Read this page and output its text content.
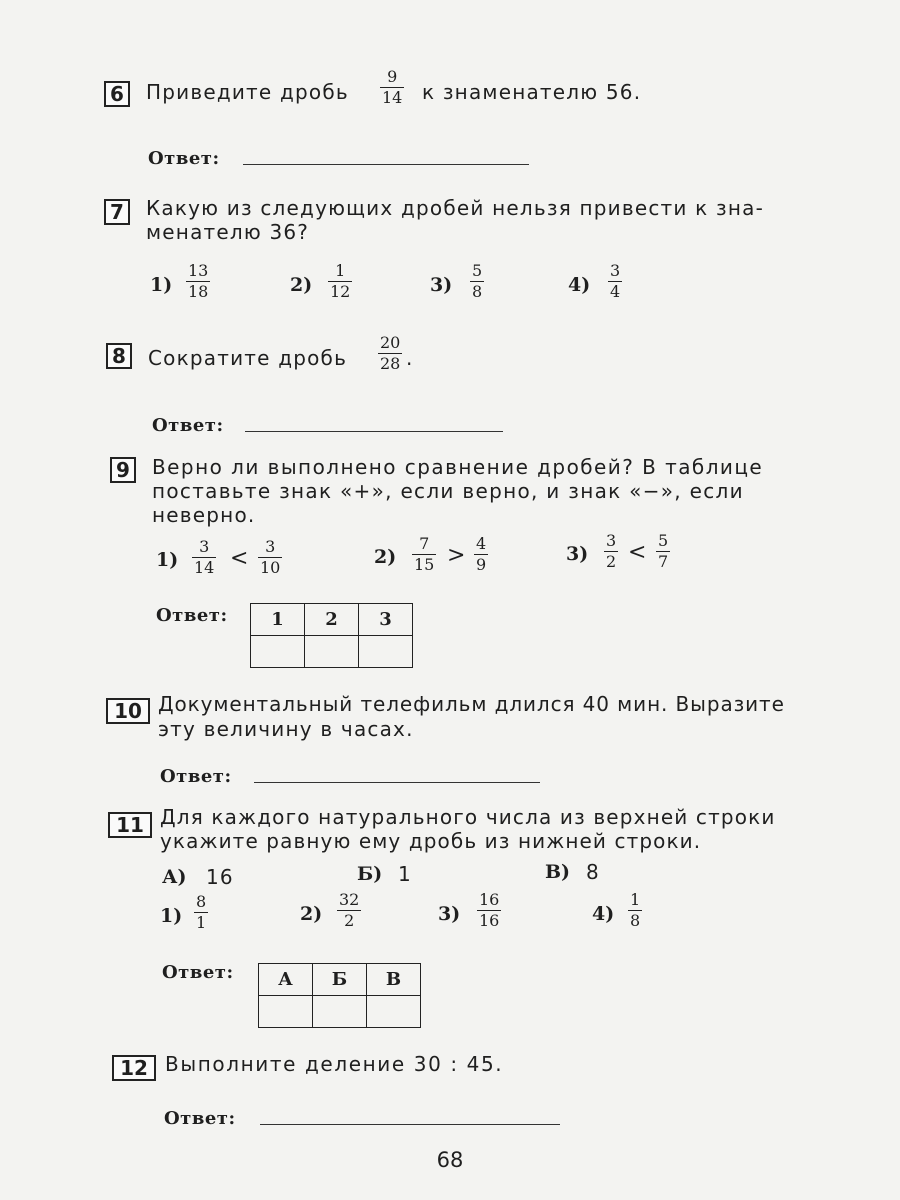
6	Приведите дробь
9
14 к знаменателю 56.
Ответ:
7	Какую из следующих дробей нельзя привести к зна-
менателю 36?
1)
13
18	2)
1
12	3)
5
8	4)
3
4
8	Сократите дробь
20
28 .
Ответ:
9	Верно ли выполнено сравнение дробей? В таблице
поставьте знак «+», если верно, и знак «−», если
неверно.
1)
3
14 < 3
10	2)
7
15 > 4
9	3)
3
2 < 5
7
Ответ: 1	2	3

10 Документальный телефильм длился 40 мин. Выразите
эту величину в часах.
Ответ:
11 Для каждого натурального числа из верхней строки
укажите равную ему дробь из нижней строки.
А) 16	Б) 1	В) 8
1)
8
1	2)
32
2	3)
16
16	4)
1
8
Ответ: А	Б	В

12 Выполните деление 30 : 45.
Ответ:
68
